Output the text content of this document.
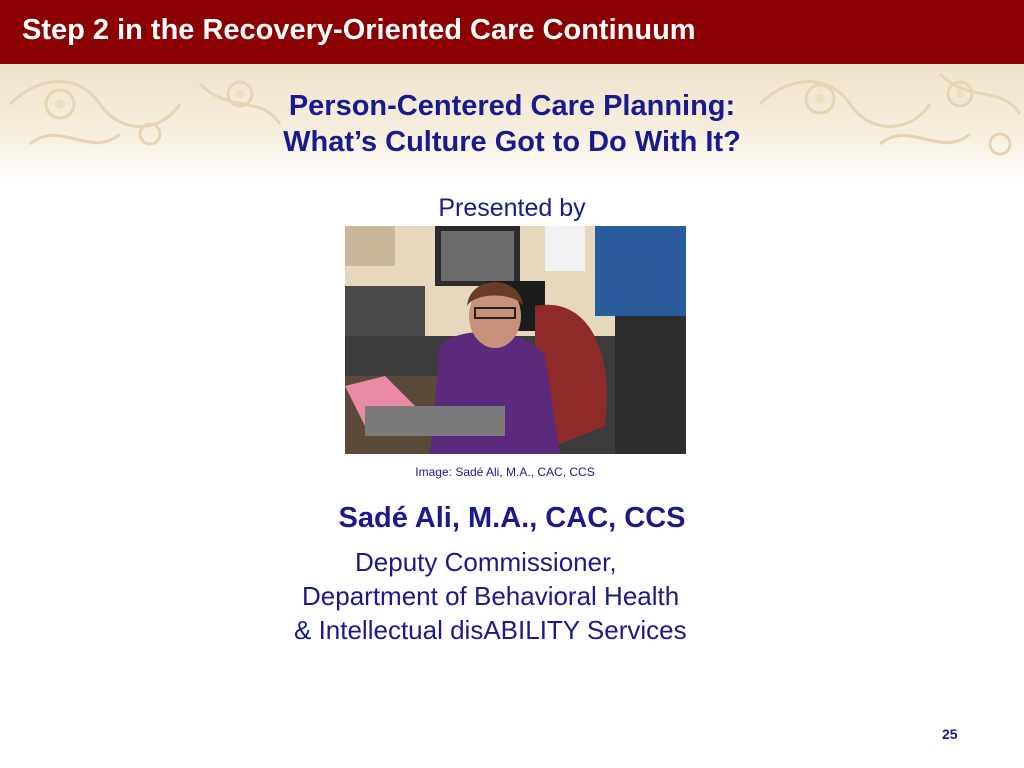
Step 2 in the Recovery-Oriented Care Continuum
Person-Centered Care Planning:
What’s Culture Got to Do With It?
Presented by
Image: Sadé Ali, M.A., CAC, CCS
Sadé Ali, M.A., CAC, CCS
Deputy Commissioner,
Department of Behavioral Health
& Intellectual disABILITY Services
25
